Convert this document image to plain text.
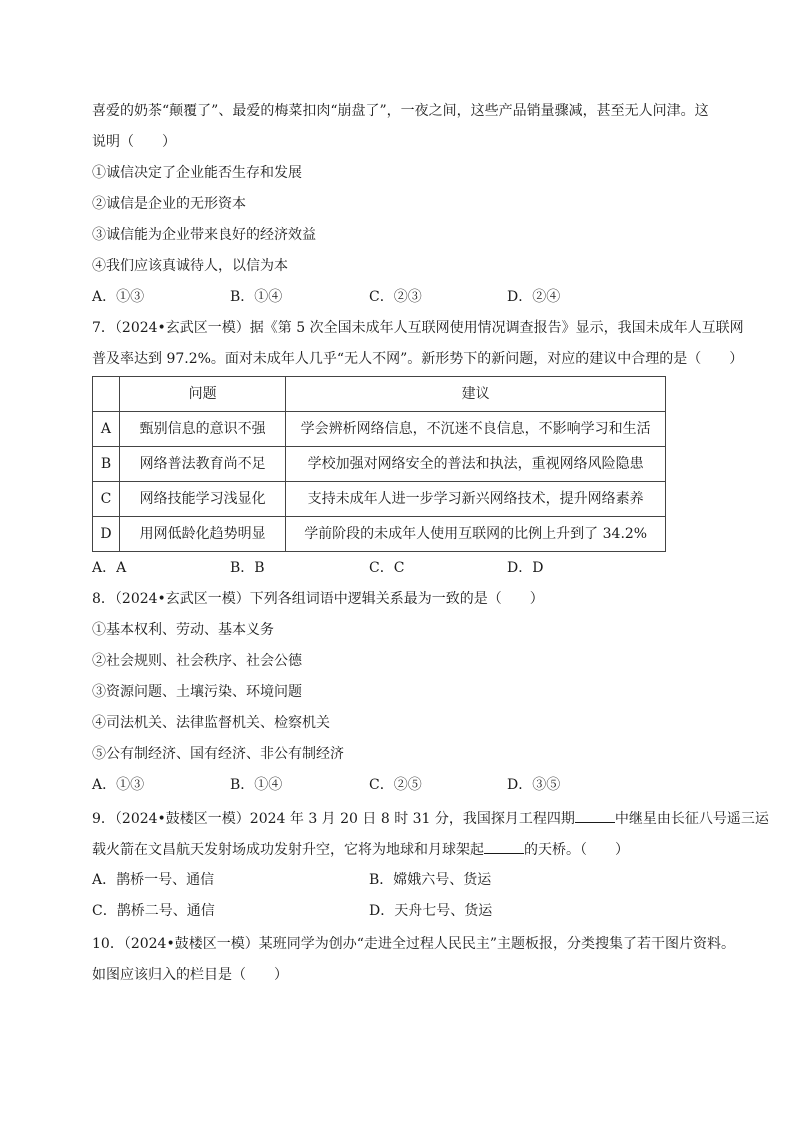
喜爱的奶茶“颠覆了”、最爱的梅菜扣肉“崩盘了”，一夜之间，这些产品销量骤减，甚至无人问津。这
说明（　　）
①诚信决定了企业能否生存和发展
②诚信是企业的无形资本
③诚信能为企业带来良好的经济效益
④我们应该真诚待人，以信为本
A．①③	B．①④	C．②③	D．②④
7．（2024•玄武区一模）据《第 5 次全国未成年人互联网使用情况调查报告》显示，我国未成年人互联网
普及率达到 97.2%。面对未成年人几乎“无人不网”。新形势下的新问题，对应的建议中合理的是（　　）
	问题	建议
A	甄别信息的意识不强	学会辨析网络信息，不沉迷不良信息，不影响学习和生活
B	网络普法教育尚不足	学校加强对网络安全的普法和执法，重视网络风险隐患
C	网络技能学习浅显化	支持未成年人进一步学习新兴网络技术，提升网络素养
D	用网低龄化趋势明显	学前阶段的未成年人使用互联网的比例上升到了 34.2%
A．A	B．B	C．C	D．D
8．（2024•玄武区一模）下列各组词语中逻辑关系最为一致的是（　　）
①基本权利、劳动、基本义务
②社会规则、社会秩序、社会公德
③资源问题、土壤污染、环境问题
④司法机关、法律监督机关、检察机关
⑤公有制经济、国有经济、非公有制经济
A．①③	B．①④	C．②⑤	D．③⑤
9．（2024•鼓楼区一模）2024 年 3 月 20 日 8 时 31 分，我国探月工程四期	中继星由长征八号遥三运
载火箭在文昌航天发射场成功发射升空，它将为地球和月球架起	的天桥。（　　）
A．鹊桥一号、通信	B．嫦娥六号、货运
C．鹊桥二号、通信	D．天舟七号、货运
10．（2024•鼓楼区一模）某班同学为创办“走进全过程人民民主”主题板报，分类搜集了若干图片资料。
如图应该归入的栏目是（　　）
